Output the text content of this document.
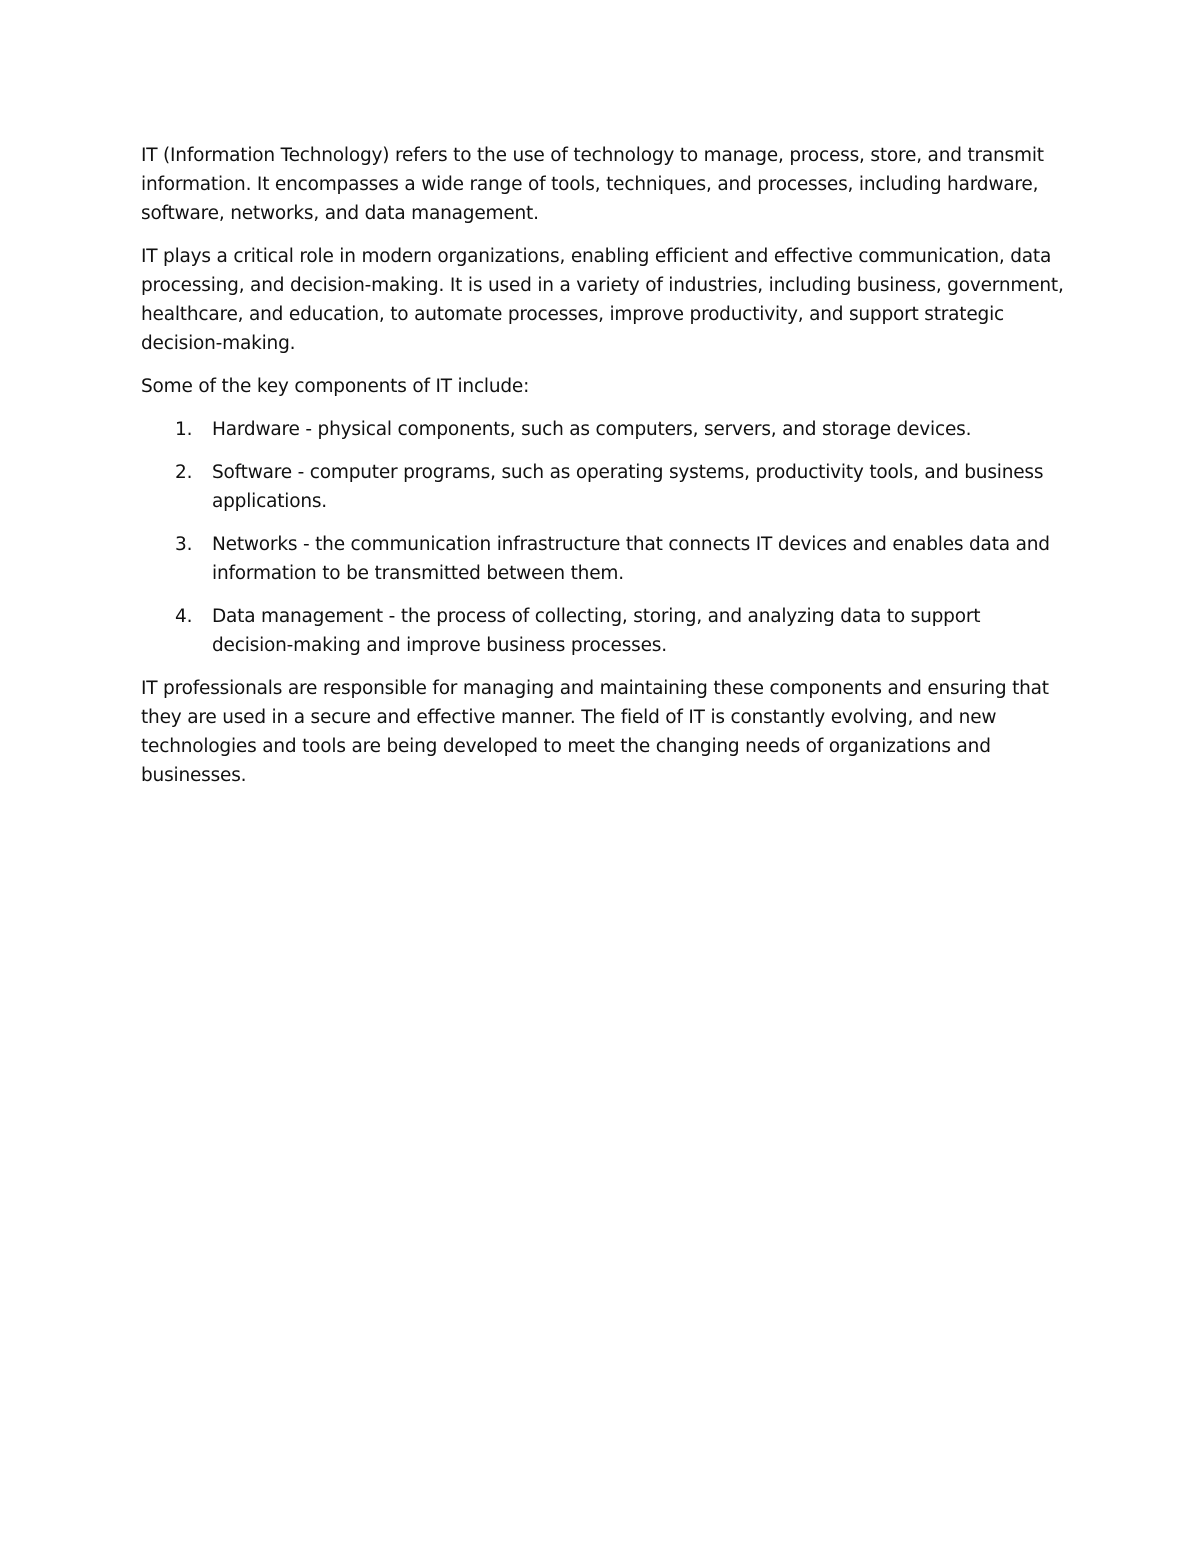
IT (Information Technology) refers to the use of technology to manage, process, store, and transmit information. It encompasses a wide range of tools, techniques, and processes, including hardware, software, networks, and data management.

IT plays a critical role in modern organizations, enabling efficient and effective communication, data processing, and decision-making. It is used in a variety of industries, including business, government, healthcare, and education, to automate processes, improve productivity, and support strategic decision-making.

Some of the key components of IT include:

1. Hardware - physical components, such as computers, servers, and storage devices.
2. Software - computer programs, such as operating systems, productivity tools, and business applications.
3. Networks - the communication infrastructure that connects IT devices and enables data and information to be transmitted between them.
4. Data management - the process of collecting, storing, and analyzing data to support decision-making and improve business processes.

IT professionals are responsible for managing and maintaining these components and ensuring that they are used in a secure and effective manner. The field of IT is constantly evolving, and new technologies and tools are being developed to meet the changing needs of organizations and businesses.
